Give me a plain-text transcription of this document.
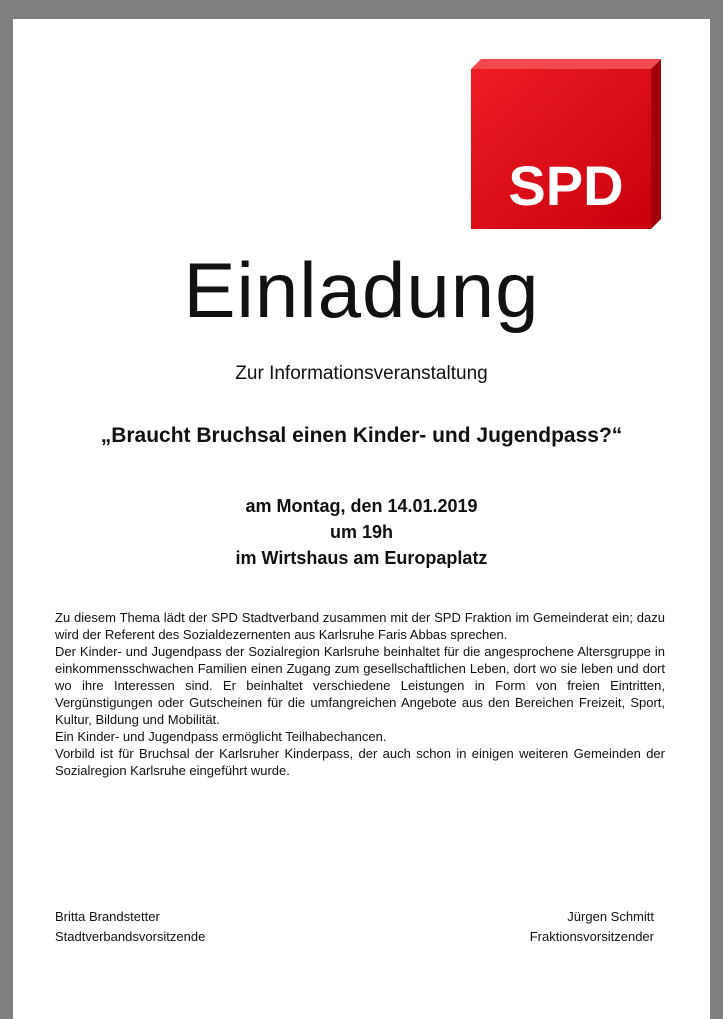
SPD
Einladung
Zur Informationsveranstaltung
„Braucht Bruchsal einen Kinder- und Jugendpass?“
am Montag, den 14.01.2019
um 19h
im Wirtshaus am Europaplatz

Zu diesem Thema lädt der SPD Stadtverband zusammen mit der SPD Fraktion im Gemeinderat ein; dazu wird der Referent des Sozialdezernenten aus Karlsruhe Faris Abbas sprechen.

Der Kinder- und Jugendpass der Sozialregion Karlsruhe beinhaltet für die angesprochene Altersgruppe in einkommensschwachen Familien einen Zugang zum gesellschaftlichen Leben, dort wo sie leben und dort wo ihre Interessen sind. Er beinhaltet verschiedene Leistungen in Form von freien Eintritten, Vergünstigungen oder Gutscheinen für die umfangreichen Angebote aus den Bereichen Freizeit, Sport, Kultur, Bildung und Mobilität.

Ein Kinder- und Jugendpass ermöglicht Teilhabechancen.

Vorbild ist für Bruchsal der Karlsruher Kinderpass, der auch schon in einigen weiteren Gemeinden der Sozialregion Karlsruhe eingeführt wurde.

Britta Brandstetter
Stadtverbandsvorsitzende
Jürgen Schmitt
Fraktionsvorsitzender
